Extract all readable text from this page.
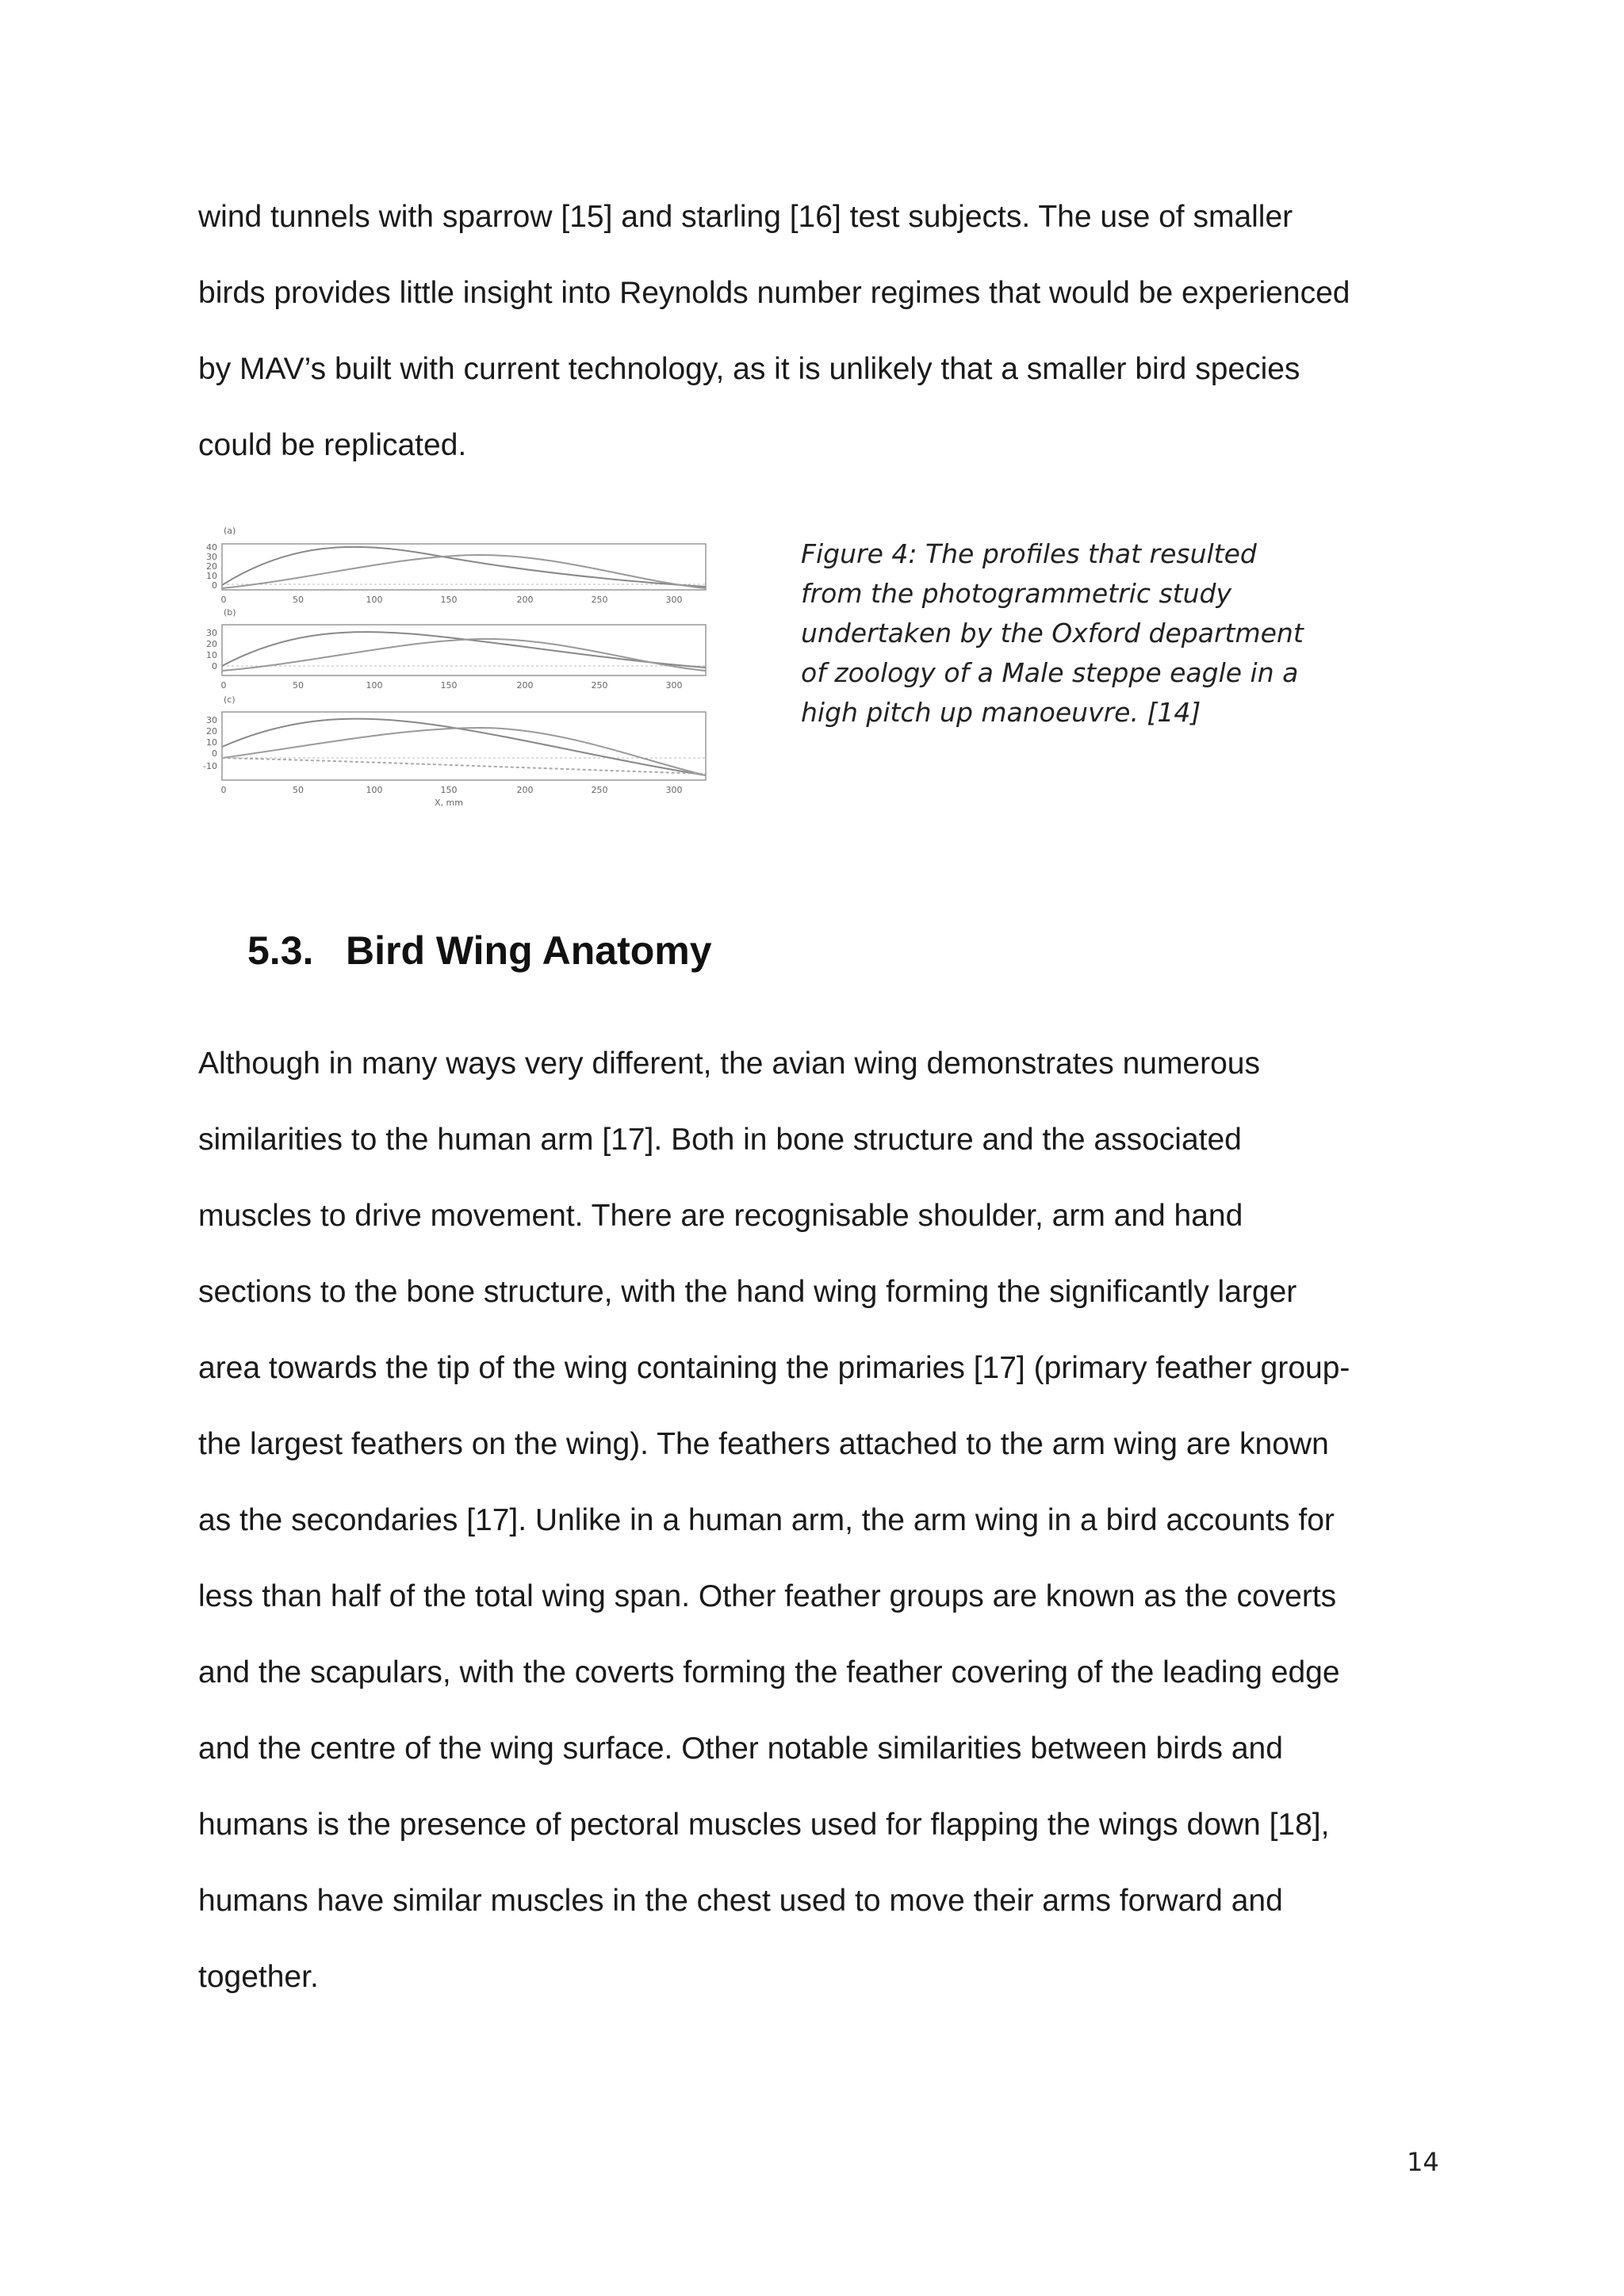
wind tunnels with sparrow [15] and starling [16] test subjects. The use of smaller
birds provides little insight into Reynolds number regimes that would be experienced
by MAV’s built with current technology, as it is unlikely that a smaller bird species
could be replicated.

(a)
40
30
20
10
0
0	50	100	150	200	250	300
(b)
30
20
10
0
0	50	100	150	200	250	300
(c)
30
20
10
0
-10
0	50	100	150	200	250	300
X, mm

Figure 4: The profiles that resulted
from the photogrammetric study
undertaken by the Oxford department
of zoology of a Male steppe eagle in a
high pitch up manoeuvre. [14]

5.3. Bird Wing Anatomy

Although in many ways very different, the avian wing demonstrates numerous
similarities to the human arm [17]. Both in bone structure and the associated
muscles to drive movement. There are recognisable shoulder, arm and hand
sections to the bone structure, with the hand wing forming the significantly larger
area towards the tip of the wing containing the primaries [17] (primary feather group-
the largest feathers on the wing). The feathers attached to the arm wing are known
as the secondaries [17]. Unlike in a human arm, the arm wing in a bird accounts for
less than half of the total wing span. Other feather groups are known as the coverts
and the scapulars, with the coverts forming the feather covering of the leading edge
and the centre of the wing surface. Other notable similarities between birds and
humans is the presence of pectoral muscles used for flapping the wings down [18],
humans have similar muscles in the chest used to move their arms forward and
together.

14
